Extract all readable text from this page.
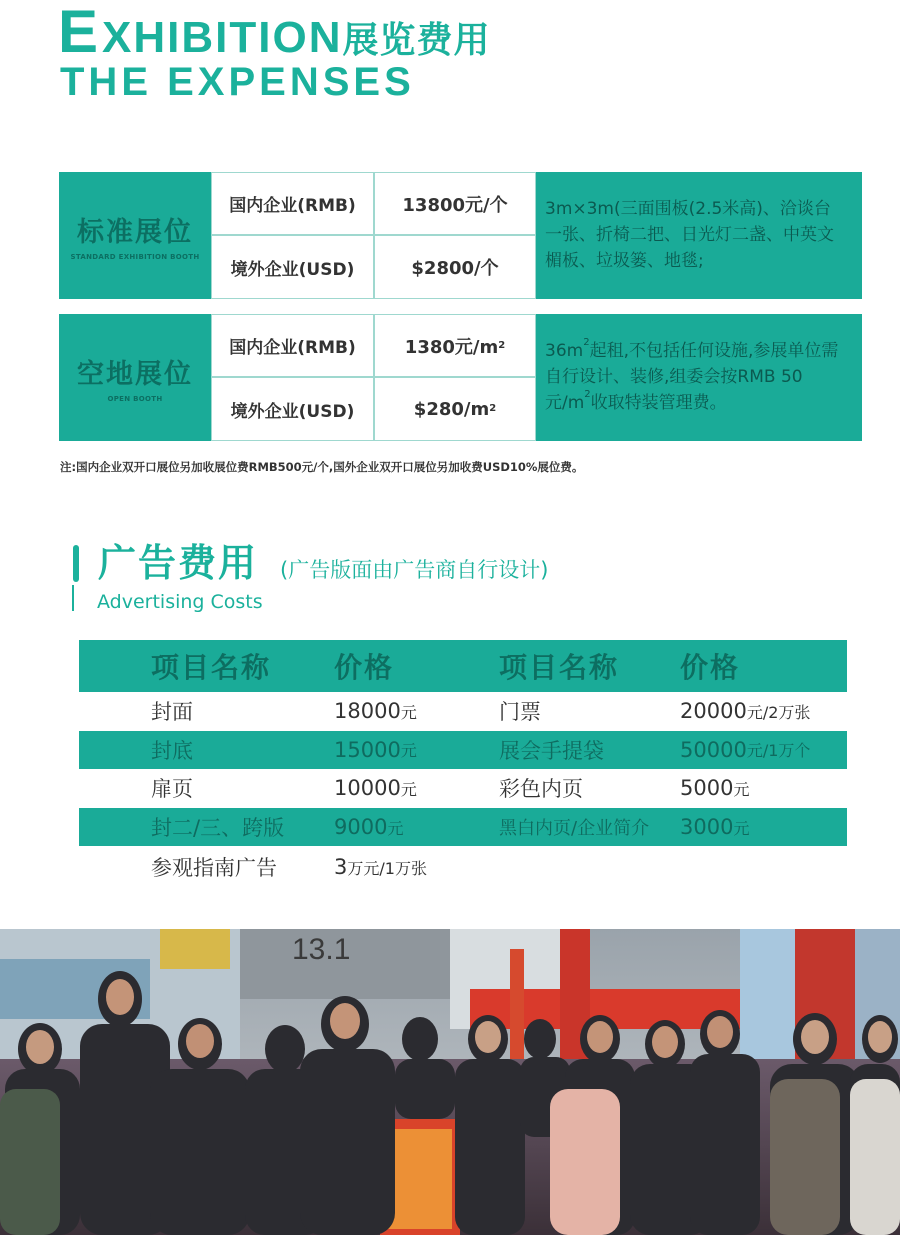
EXHIBITION展览费用
THE EXPENSES
标准展位
STANDARD EXHIBITION BOOTH
国内企业(RMB)	13800元/个
境外企业(USD)	$2800/个
3m×3m(三面围板(2.5米高)、洽谈台一张、折椅二把、日光灯二盏、中英文楣板、垃圾篓、地毯;
空地展位
OPEN BOOTH
国内企业(RMB)	1380元/m 2
境外企业(USD)	$280/m 2
$36m^2$起租,不包括任何设施,参展单位需自行设计、装修,组委会按RMB 50元$/m^2$收取特装管理费。
注:国内企业双开口展位另加收展位费RMB500元/个,国外企业双开口展位另加收费USD10%展位费。
广告费用 (广告版面由广告商自行设计)
Advertising Costs
项目名称 价格	项目名称 价格
封面	18000 元	门票	20000 元/2万张
封底	15000 元	展会手提袋	50000 元/1万个
扉页	10000 元	彩色内页	5000 元
封二/三、跨版 9000 元	黑白内页/企业简介 3000 元
参观指南广告	3 万元/1万张
13.1
